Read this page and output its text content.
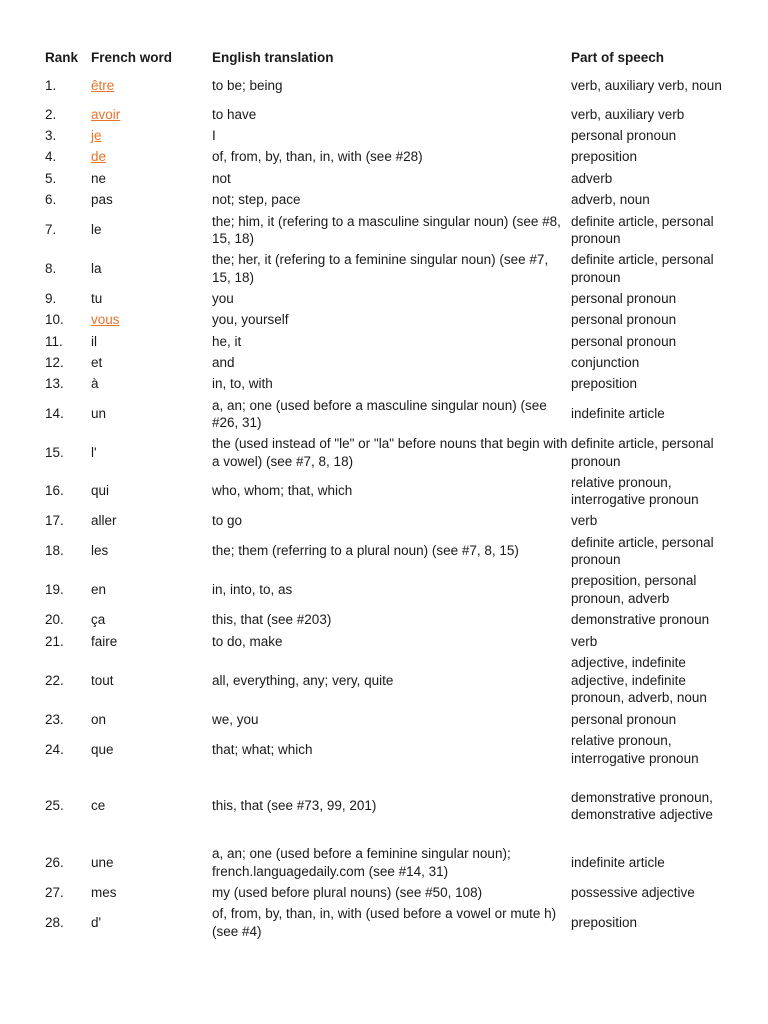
Rank	French word	English translation	Part of speech
1.	être	to be; being	verb, auxiliary verb, noun
2.	avoir	to have	verb, auxiliary verb
3.	je	I	personal pronoun
4.	de	of, from, by, than, in, with (see #28)	preposition
5.	ne	not	adverb
6.	pas	not; step, pace	adverb, noun
7.	le	the; him, it (refering to a masculine singular noun) (see #8, 15, 18)	definite article, personal pronoun
8.	la	the; her, it (refering to a feminine singular noun) (see #7, 15, 18)	definite article, personal pronoun
9.	tu	you	personal pronoun
10.	vous	you, yourself	personal pronoun
11.	il	he, it	personal pronoun
12.	et	and	conjunction
13.	à	in, to, with	preposition
14.	un	a, an; one (used before a masculine singular noun) (see #26, 31)	indefinite article
15.	l'	the (used instead of "le" or "la" before nouns that begin with a vowel) (see #7, 8, 18)	definite article, personal pronoun
16.	qui	who, whom; that, which	relative pronoun, interrogative pronoun
17.	aller	to go	verb
18.	les	the; them (referring to a plural noun) (see #7, 8, 15)	definite article, personal pronoun
19.	en	in, into, to, as	preposition, personal pronoun, adverb
20.	ça	this, that (see #203)	demonstrative pronoun
21.	faire	to do, make	verb
22.	tout	all, everything, any; very, quite	adjective, indefinite adjective, indefinite pronoun, adverb, noun
23.	on	we, you	personal pronoun
24.	que	that; what; which	relative pronoun, interrogative pronoun
25.	ce	this, that (see #73, 99, 201)	demonstrative pronoun, demonstrative adjective
26.	une	a, an; one (used before a feminine singular noun); french.languagedaily.com (see #14, 31)	indefinite article
27.	mes	my (used before plural nouns) (see #50, 108)	possessive adjective
28.	d'	of, from, by, than, in, with (used before a vowel or mute h) (see #4)	preposition
